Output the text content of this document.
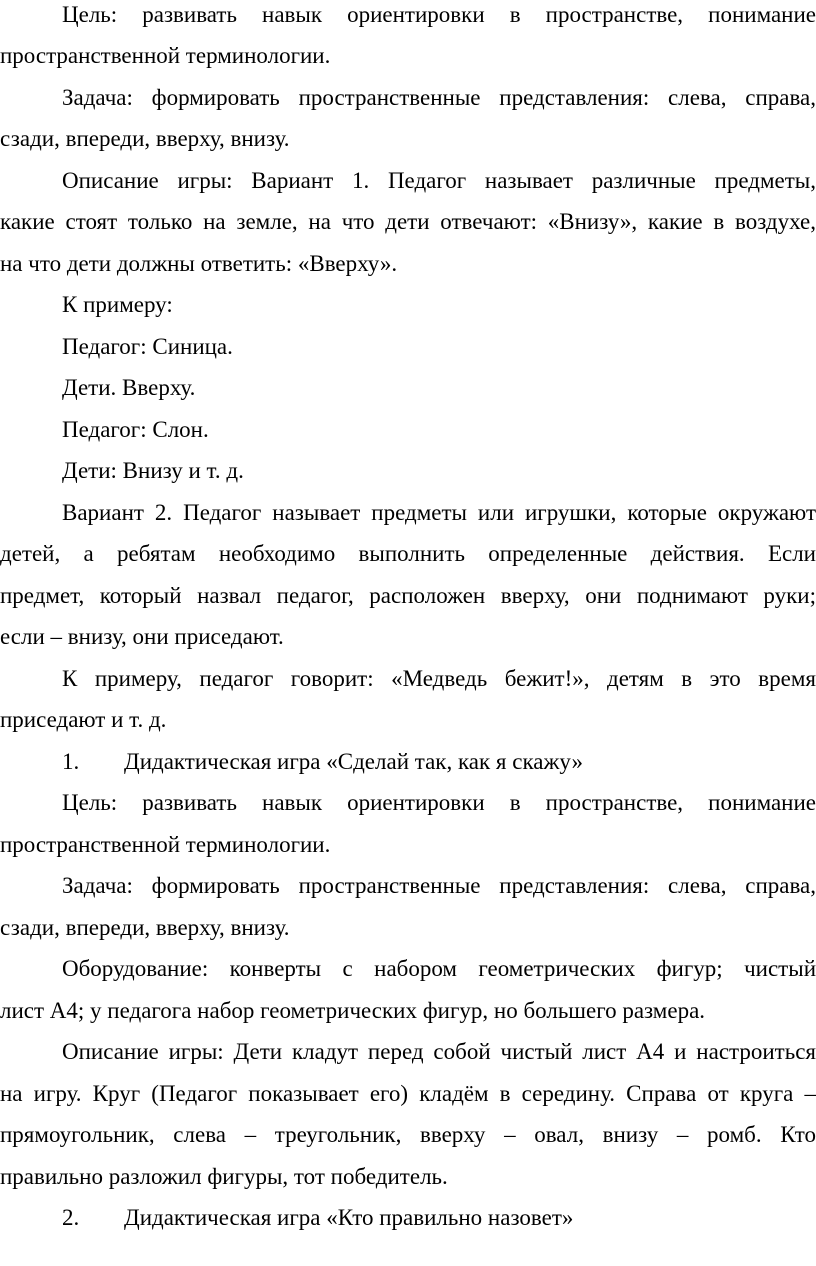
Цель: развивать навык ориентировки в пространстве, понимание

пространственной терминологии.

Задача: формировать пространственные представления: слева, справа,

сзади, впереди, вверху, внизу.

Описание игры: Вариант 1. Педагог называет различные предметы,

какие стоят только на земле, на что дети отвечают: «Внизу», какие в воздухе,

на что дети должны ответить: «Вверху».

К примеру:

Педагог: Синица.

Дети. Вверху.

Педагог: Слон.

Дети: Внизу и т. д.

Вариант 2. Педагог называет предметы или игрушки, которые окружают

детей, а ребятам необходимо выполнить определенные действия. Если

предмет, который назвал педагог, расположен вверху, они поднимают руки;

если – внизу, они приседают.

К примеру, педагог говорит: «Медведь бежит!», детям в это время

приседают и т. д.

1. Дидактическая игра «Сделай так, как я скажу»

Цель: развивать навык ориентировки в пространстве, понимание

пространственной терминологии.

Задача: формировать пространственные представления: слева, справа,

сзади, впереди, вверху, внизу.

Оборудование: конверты с набором геометрических фигур; чистый

лист А4; у педагога набор геометрических фигур, но большего размера.

Описание игры: Дети кладут перед собой чистый лист А4 и настроиться

на игру. Круг (Педагог показывает его) кладём в середину. Справа от круга –

прямоугольник, слева – треугольник, вверху – овал, внизу – ромб. Кто

правильно разложил фигуры, тот победитель.

2. Дидактическая игра «Кто правильно назовет»
